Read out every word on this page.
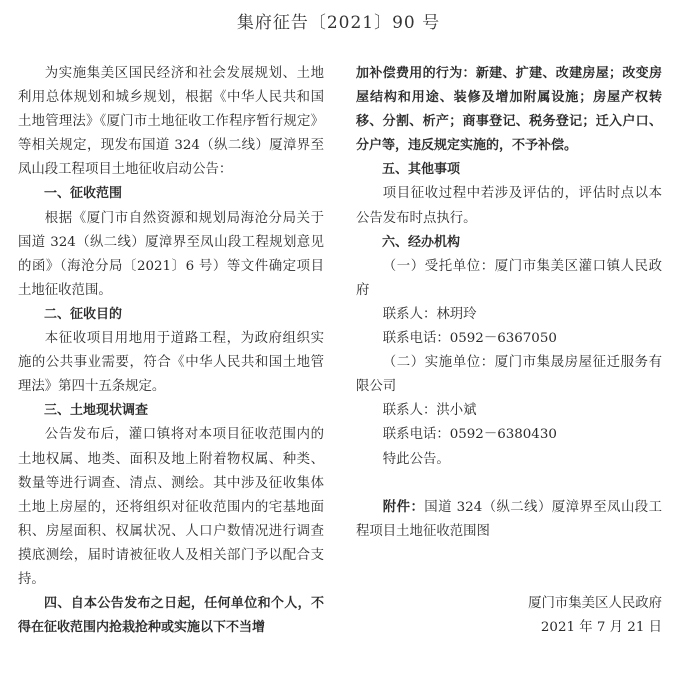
集府征告〔2021〕90 号

为实施集美区国民经济和社会发展规划、土地利用总体规划和城乡规划，根据《中华人民共和国土地管理法》《厦门市土地征收工作程序暂行规定》等相关规定，现发布国道 324（纵二线）厦漳界至凤山段工程项目土地征收启动公告：

一、征收范围

根据《厦门市自然资源和规划局海沧分局关于国道 324（纵二线）厦漳界至凤山段工程规划意见的函》（海沧分局〔2021〕6 号）等文件确定项目土地征收范围。

二、征收目的

本征收项目用地用于道路工程，为政府组织实施的公共事业需要，符合《中华人民共和国土地管理法》第四十五条规定。

三、土地现状调查

公告发布后，灌口镇将对本项目征收范围内的土地权属、地类、面积及地上附着物权属、种类、数量等进行调查、清点、测绘。其中涉及征收集体土地上房屋的，还将组织对征收范围内的宅基地面积、房屋面积、权属状况、人口户数情况进行调查摸底测绘，届时请被征收人及相关部门予以配合支持。

四、自本公告发布之日起，任何单位和个人，不得在征收范围内抢栽抢种或实施以下不当增

加补偿费用的行为：新建、扩建、改建房屋；改变房屋结构和用途、装修及增加附属设施；房屋产权转移、分割、析产；商事登记、税务登记；迁入户口、分户等，违反规定实施的，不予补偿。

五、其他事项

项目征收过程中若涉及评估的，评估时点以本公告发布时点执行。

六、经办机构

（一）受托单位：厦门市集美区灌口镇人民政府

联系人：林玥玲

联系电话：0592－6367050

（二）实施单位：厦门市集晟房屋征迁服务有限公司

联系人：洪小斌

联系电话：0592－6380430

特此公告。

附件：国道 324（纵二线）厦漳界至凤山段工程项目土地征收范围图

厦门市集美区人民政府

2021 年 7 月 21 日
